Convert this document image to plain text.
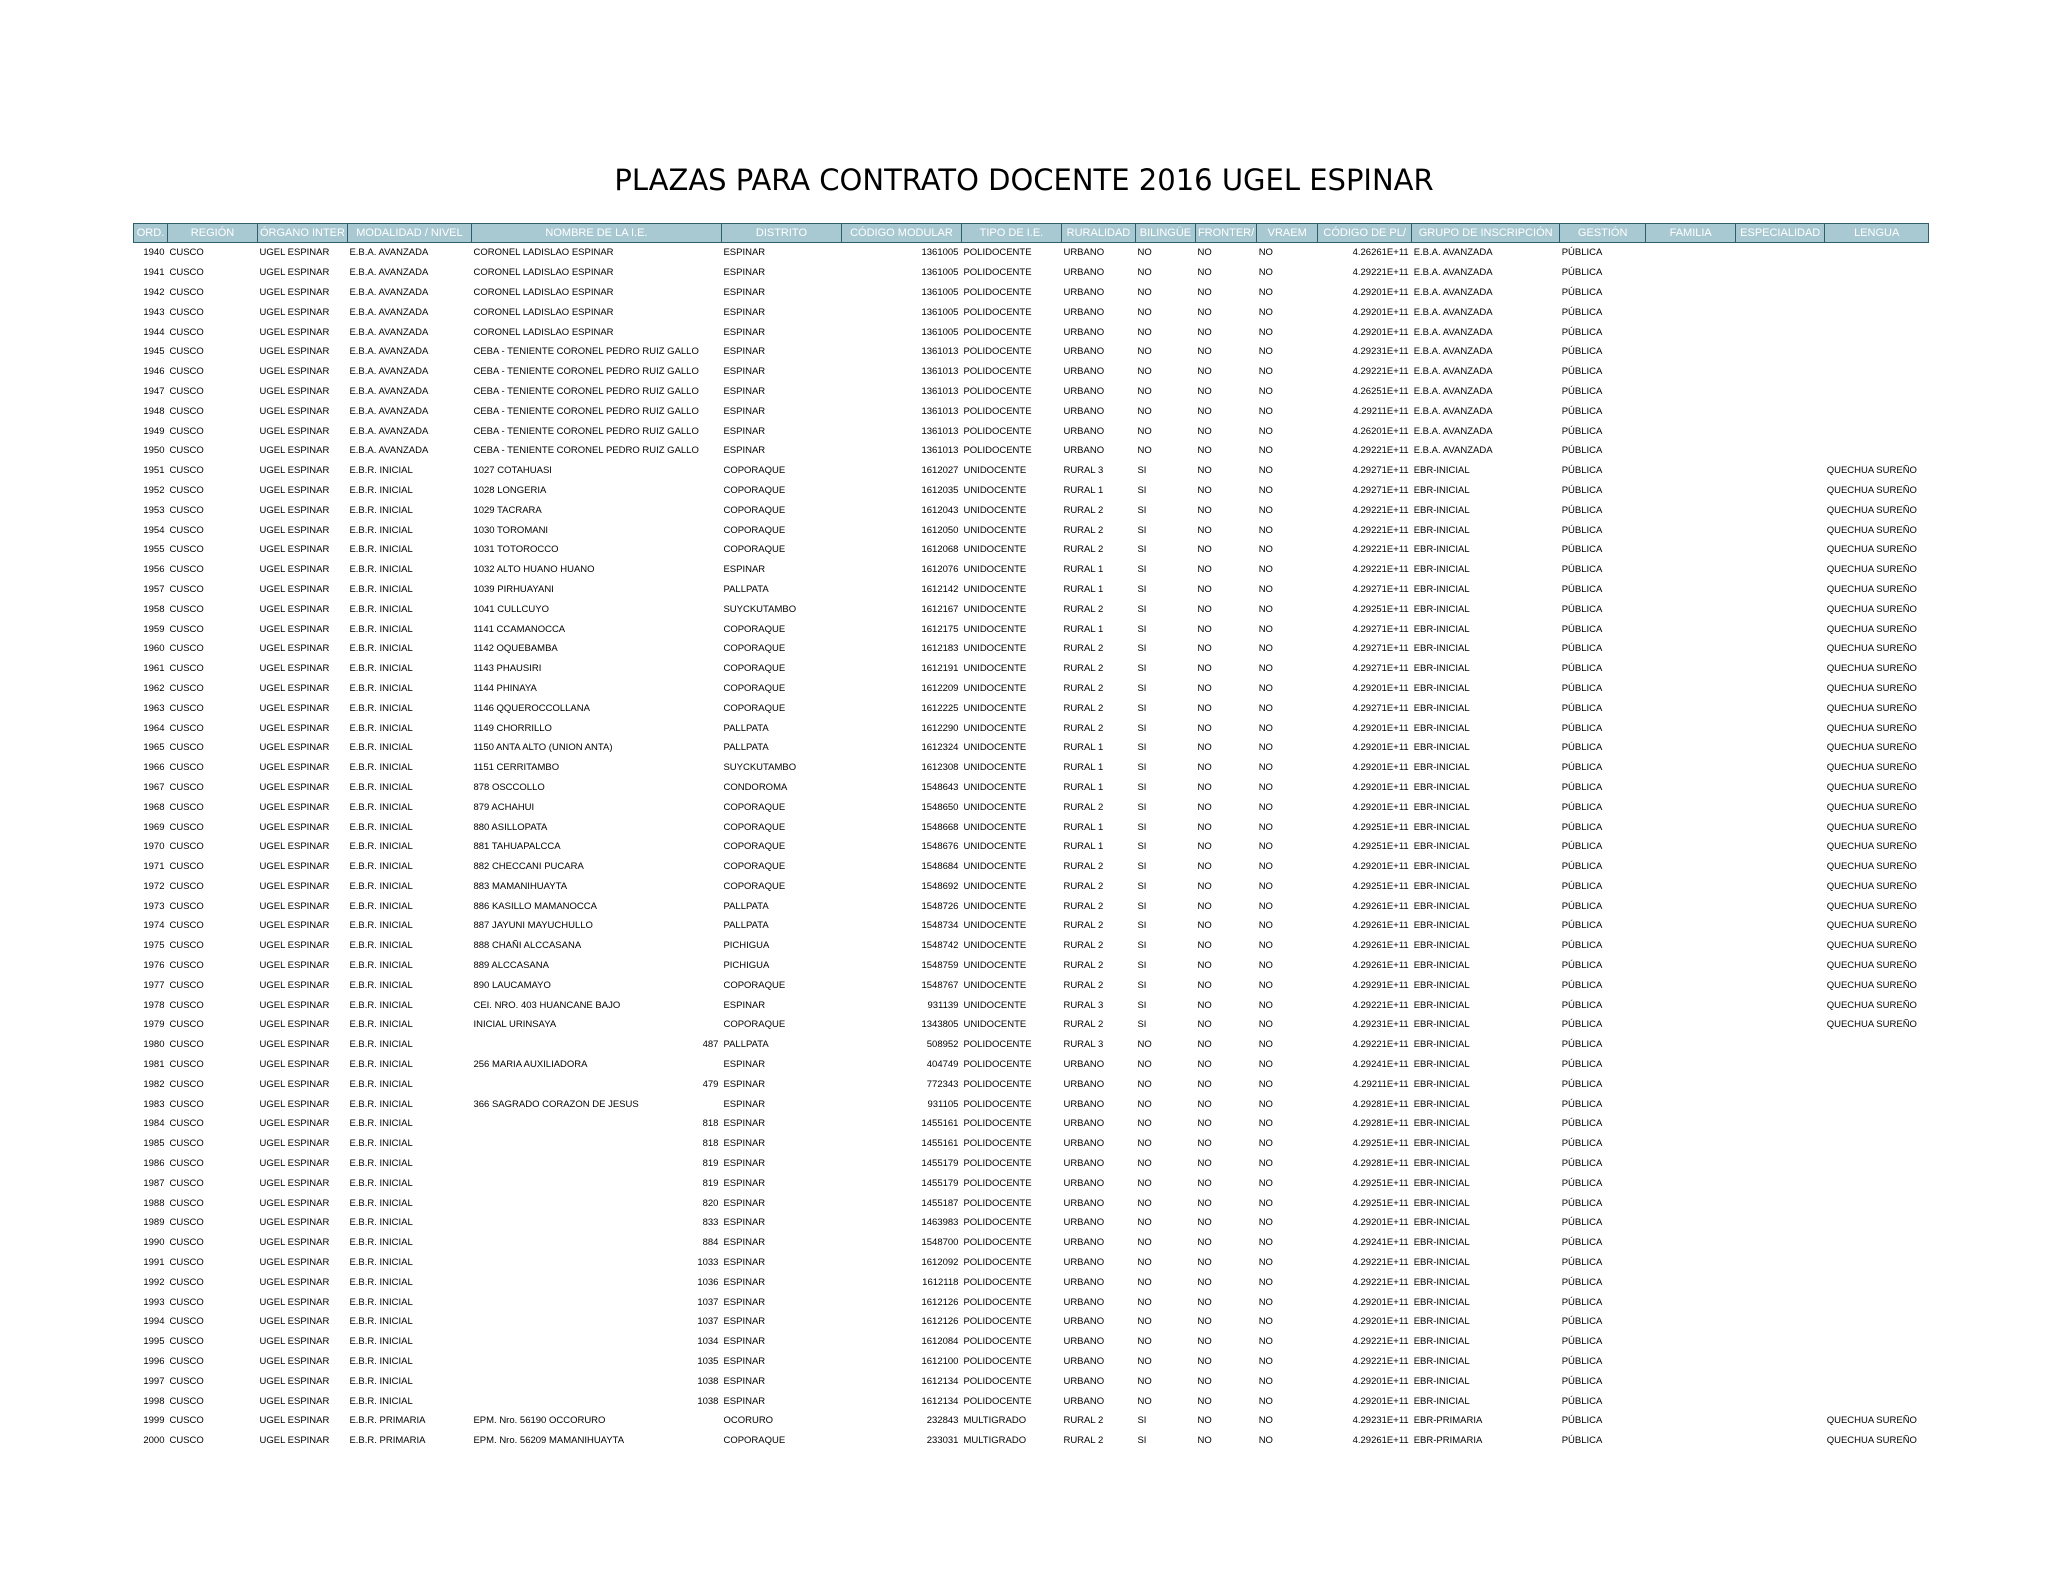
PLAZAS PARA CONTRATO DOCENTE 2016 UGEL ESPINAR
ORD.	REGIÓN	ÓRGANO INTER	MODALIDAD / NIVEL	NOMBRE DE LA I.E.	DISTRITO	CÓDIGO MODULAR	TIPO DE I.E.	RURALIDAD	BILINGÜE	FRONTER/	VRAEM	CÓDIGO DE PL/	GRUPO DE INSCRIPCIÓN	GESTIÓN	FAMILIA	ESPECIALIDAD	LENGUA
1940	CUSCO	UGEL ESPINAR	E.B.A. AVANZADA	CORONEL LADISLAO ESPINAR	ESPINAR	1361005	POLIDOCENTE	URBANO	NO	NO	NO	4.26261E+11	E.B.A. AVANZADA	PÚBLICA			
1941	CUSCO	UGEL ESPINAR	E.B.A. AVANZADA	CORONEL LADISLAO ESPINAR	ESPINAR	1361005	POLIDOCENTE	URBANO	NO	NO	NO	4.29221E+11	E.B.A. AVANZADA	PÚBLICA			
1942	CUSCO	UGEL ESPINAR	E.B.A. AVANZADA	CORONEL LADISLAO ESPINAR	ESPINAR	1361005	POLIDOCENTE	URBANO	NO	NO	NO	4.29201E+11	E.B.A. AVANZADA	PÚBLICA			
1943	CUSCO	UGEL ESPINAR	E.B.A. AVANZADA	CORONEL LADISLAO ESPINAR	ESPINAR	1361005	POLIDOCENTE	URBANO	NO	NO	NO	4.29201E+11	E.B.A. AVANZADA	PÚBLICA			
1944	CUSCO	UGEL ESPINAR	E.B.A. AVANZADA	CORONEL LADISLAO ESPINAR	ESPINAR	1361005	POLIDOCENTE	URBANO	NO	NO	NO	4.29201E+11	E.B.A. AVANZADA	PÚBLICA			
1945	CUSCO	UGEL ESPINAR	E.B.A. AVANZADA	CEBA - TENIENTE CORONEL PEDRO RUIZ GALLO	ESPINAR	1361013	POLIDOCENTE	URBANO	NO	NO	NO	4.29231E+11	E.B.A. AVANZADA	PÚBLICA			
1946	CUSCO	UGEL ESPINAR	E.B.A. AVANZADA	CEBA - TENIENTE CORONEL PEDRO RUIZ GALLO	ESPINAR	1361013	POLIDOCENTE	URBANO	NO	NO	NO	4.29221E+11	E.B.A. AVANZADA	PÚBLICA			
1947	CUSCO	UGEL ESPINAR	E.B.A. AVANZADA	CEBA - TENIENTE CORONEL PEDRO RUIZ GALLO	ESPINAR	1361013	POLIDOCENTE	URBANO	NO	NO	NO	4.26251E+11	E.B.A. AVANZADA	PÚBLICA			
1948	CUSCO	UGEL ESPINAR	E.B.A. AVANZADA	CEBA - TENIENTE CORONEL PEDRO RUIZ GALLO	ESPINAR	1361013	POLIDOCENTE	URBANO	NO	NO	NO	4.29211E+11	E.B.A. AVANZADA	PÚBLICA			
1949	CUSCO	UGEL ESPINAR	E.B.A. AVANZADA	CEBA - TENIENTE CORONEL PEDRO RUIZ GALLO	ESPINAR	1361013	POLIDOCENTE	URBANO	NO	NO	NO	4.26201E+11	E.B.A. AVANZADA	PÚBLICA			
1950	CUSCO	UGEL ESPINAR	E.B.A. AVANZADA	CEBA - TENIENTE CORONEL PEDRO RUIZ GALLO	ESPINAR	1361013	POLIDOCENTE	URBANO	NO	NO	NO	4.29221E+11	E.B.A. AVANZADA	PÚBLICA			
1951	CUSCO	UGEL ESPINAR	E.B.R. INICIAL	1027 COTAHUASI	COPORAQUE	1612027	UNIDOCENTE	RURAL 3	SI	NO	NO	4.29271E+11	EBR-INICIAL	PÚBLICA			QUECHUA SUREÑO
1952	CUSCO	UGEL ESPINAR	E.B.R. INICIAL	1028 LONGERIA	COPORAQUE	1612035	UNIDOCENTE	RURAL 1	SI	NO	NO	4.29271E+11	EBR-INICIAL	PÚBLICA			QUECHUA SUREÑO
1953	CUSCO	UGEL ESPINAR	E.B.R. INICIAL	1029 TACRARA	COPORAQUE	1612043	UNIDOCENTE	RURAL 2	SI	NO	NO	4.29221E+11	EBR-INICIAL	PÚBLICA			QUECHUA SUREÑO
1954	CUSCO	UGEL ESPINAR	E.B.R. INICIAL	1030 TOROMANI	COPORAQUE	1612050	UNIDOCENTE	RURAL 2	SI	NO	NO	4.29221E+11	EBR-INICIAL	PÚBLICA			QUECHUA SUREÑO
1955	CUSCO	UGEL ESPINAR	E.B.R. INICIAL	1031 TOTOROCCO	COPORAQUE	1612068	UNIDOCENTE	RURAL 2	SI	NO	NO	4.29221E+11	EBR-INICIAL	PÚBLICA			QUECHUA SUREÑO
1956	CUSCO	UGEL ESPINAR	E.B.R. INICIAL	1032 ALTO HUANO HUANO	ESPINAR	1612076	UNIDOCENTE	RURAL 1	SI	NO	NO	4.29221E+11	EBR-INICIAL	PÚBLICA			QUECHUA SUREÑO
1957	CUSCO	UGEL ESPINAR	E.B.R. INICIAL	1039 PIRHUAYANI	PALLPATA	1612142	UNIDOCENTE	RURAL 1	SI	NO	NO	4.29271E+11	EBR-INICIAL	PÚBLICA			QUECHUA SUREÑO
1958	CUSCO	UGEL ESPINAR	E.B.R. INICIAL	1041 CULLCUYO	SUYCKUTAMBO	1612167	UNIDOCENTE	RURAL 2	SI	NO	NO	4.29251E+11	EBR-INICIAL	PÚBLICA			QUECHUA SUREÑO
1959	CUSCO	UGEL ESPINAR	E.B.R. INICIAL	1141 CCAMANOCCA	COPORAQUE	1612175	UNIDOCENTE	RURAL 1	SI	NO	NO	4.29271E+11	EBR-INICIAL	PÚBLICA			QUECHUA SUREÑO
1960	CUSCO	UGEL ESPINAR	E.B.R. INICIAL	1142 OQUEBAMBA	COPORAQUE	1612183	UNIDOCENTE	RURAL 2	SI	NO	NO	4.29271E+11	EBR-INICIAL	PÚBLICA			QUECHUA SUREÑO
1961	CUSCO	UGEL ESPINAR	E.B.R. INICIAL	1143 PHAUSIRI	COPORAQUE	1612191	UNIDOCENTE	RURAL 2	SI	NO	NO	4.29271E+11	EBR-INICIAL	PÚBLICA			QUECHUA SUREÑO
1962	CUSCO	UGEL ESPINAR	E.B.R. INICIAL	1144 PHINAYA	COPORAQUE	1612209	UNIDOCENTE	RURAL 2	SI	NO	NO	4.29201E+11	EBR-INICIAL	PÚBLICA			QUECHUA SUREÑO
1963	CUSCO	UGEL ESPINAR	E.B.R. INICIAL	1146 QQUEROCCOLLANA	COPORAQUE	1612225	UNIDOCENTE	RURAL 2	SI	NO	NO	4.29271E+11	EBR-INICIAL	PÚBLICA			QUECHUA SUREÑO
1964	CUSCO	UGEL ESPINAR	E.B.R. INICIAL	1149 CHORRILLO	PALLPATA	1612290	UNIDOCENTE	RURAL 2	SI	NO	NO	4.29201E+11	EBR-INICIAL	PÚBLICA			QUECHUA SUREÑO
1965	CUSCO	UGEL ESPINAR	E.B.R. INICIAL	1150 ANTA ALTO (UNION ANTA)	PALLPATA	1612324	UNIDOCENTE	RURAL 1	SI	NO	NO	4.29201E+11	EBR-INICIAL	PÚBLICA			QUECHUA SUREÑO
1966	CUSCO	UGEL ESPINAR	E.B.R. INICIAL	1151 CERRITAMBO	SUYCKUTAMBO	1612308	UNIDOCENTE	RURAL 1	SI	NO	NO	4.29201E+11	EBR-INICIAL	PÚBLICA			QUECHUA SUREÑO
1967	CUSCO	UGEL ESPINAR	E.B.R. INICIAL	878 OSCCOLLO	CONDOROMA	1548643	UNIDOCENTE	RURAL 1	SI	NO	NO	4.29201E+11	EBR-INICIAL	PÚBLICA			QUECHUA SUREÑO
1968	CUSCO	UGEL ESPINAR	E.B.R. INICIAL	879 ACHAHUI	COPORAQUE	1548650	UNIDOCENTE	RURAL 2	SI	NO	NO	4.29201E+11	EBR-INICIAL	PÚBLICA			QUECHUA SUREÑO
1969	CUSCO	UGEL ESPINAR	E.B.R. INICIAL	880 ASILLOPATA	COPORAQUE	1548668	UNIDOCENTE	RURAL 1	SI	NO	NO	4.29251E+11	EBR-INICIAL	PÚBLICA			QUECHUA SUREÑO
1970	CUSCO	UGEL ESPINAR	E.B.R. INICIAL	881 TAHUAPALCCA	COPORAQUE	1548676	UNIDOCENTE	RURAL 1	SI	NO	NO	4.29251E+11	EBR-INICIAL	PÚBLICA			QUECHUA SUREÑO
1971	CUSCO	UGEL ESPINAR	E.B.R. INICIAL	882 CHECCANI PUCARA	COPORAQUE	1548684	UNIDOCENTE	RURAL 2	SI	NO	NO	4.29201E+11	EBR-INICIAL	PÚBLICA			QUECHUA SUREÑO
1972	CUSCO	UGEL ESPINAR	E.B.R. INICIAL	883 MAMANIHUAYTA	COPORAQUE	1548692	UNIDOCENTE	RURAL 2	SI	NO	NO	4.29251E+11	EBR-INICIAL	PÚBLICA			QUECHUA SUREÑO
1973	CUSCO	UGEL ESPINAR	E.B.R. INICIAL	886 KASILLO MAMANOCCA	PALLPATA	1548726	UNIDOCENTE	RURAL 2	SI	NO	NO	4.29261E+11	EBR-INICIAL	PÚBLICA			QUECHUA SUREÑO
1974	CUSCO	UGEL ESPINAR	E.B.R. INICIAL	887 JAYUNI MAYUCHULLO	PALLPATA	1548734	UNIDOCENTE	RURAL 2	SI	NO	NO	4.29261E+11	EBR-INICIAL	PÚBLICA			QUECHUA SUREÑO
1975	CUSCO	UGEL ESPINAR	E.B.R. INICIAL	888 CHAÑI ALCCASANA	PICHIGUA	1548742	UNIDOCENTE	RURAL 2	SI	NO	NO	4.29261E+11	EBR-INICIAL	PÚBLICA			QUECHUA SUREÑO
1976	CUSCO	UGEL ESPINAR	E.B.R. INICIAL	889 ALCCASANA	PICHIGUA	1548759	UNIDOCENTE	RURAL 2	SI	NO	NO	4.29261E+11	EBR-INICIAL	PÚBLICA			QUECHUA SUREÑO
1977	CUSCO	UGEL ESPINAR	E.B.R. INICIAL	890 LAUCAMAYO	COPORAQUE	1548767	UNIDOCENTE	RURAL 2	SI	NO	NO	4.29291E+11	EBR-INICIAL	PÚBLICA			QUECHUA SUREÑO
1978	CUSCO	UGEL ESPINAR	E.B.R. INICIAL	CEI. NRO. 403 HUANCANE BAJO	ESPINAR	931139	UNIDOCENTE	RURAL 3	SI	NO	NO	4.29221E+11	EBR-INICIAL	PÚBLICA			QUECHUA SUREÑO
1979	CUSCO	UGEL ESPINAR	E.B.R. INICIAL	INICIAL URINSAYA	COPORAQUE	1343805	UNIDOCENTE	RURAL 2	SI	NO	NO	4.29231E+11	EBR-INICIAL	PÚBLICA			QUECHUA SUREÑO
1980	CUSCO	UGEL ESPINAR	E.B.R. INICIAL	487	PALLPATA	508952	POLIDOCENTE	RURAL 3	NO	NO	NO	4.29221E+11	EBR-INICIAL	PÚBLICA			
1981	CUSCO	UGEL ESPINAR	E.B.R. INICIAL	256 MARIA AUXILIADORA	ESPINAR	404749	POLIDOCENTE	URBANO	NO	NO	NO	4.29241E+11	EBR-INICIAL	PÚBLICA			
1982	CUSCO	UGEL ESPINAR	E.B.R. INICIAL	479	ESPINAR	772343	POLIDOCENTE	URBANO	NO	NO	NO	4.29211E+11	EBR-INICIAL	PÚBLICA			
1983	CUSCO	UGEL ESPINAR	E.B.R. INICIAL	366 SAGRADO CORAZON DE JESUS	ESPINAR	931105	POLIDOCENTE	URBANO	NO	NO	NO	4.29281E+11	EBR-INICIAL	PÚBLICA			
1984	CUSCO	UGEL ESPINAR	E.B.R. INICIAL	818	ESPINAR	1455161	POLIDOCENTE	URBANO	NO	NO	NO	4.29281E+11	EBR-INICIAL	PÚBLICA			
1985	CUSCO	UGEL ESPINAR	E.B.R. INICIAL	818	ESPINAR	1455161	POLIDOCENTE	URBANO	NO	NO	NO	4.29251E+11	EBR-INICIAL	PÚBLICA			
1986	CUSCO	UGEL ESPINAR	E.B.R. INICIAL	819	ESPINAR	1455179	POLIDOCENTE	URBANO	NO	NO	NO	4.29281E+11	EBR-INICIAL	PÚBLICA			
1987	CUSCO	UGEL ESPINAR	E.B.R. INICIAL	819	ESPINAR	1455179	POLIDOCENTE	URBANO	NO	NO	NO	4.29251E+11	EBR-INICIAL	PÚBLICA			
1988	CUSCO	UGEL ESPINAR	E.B.R. INICIAL	820	ESPINAR	1455187	POLIDOCENTE	URBANO	NO	NO	NO	4.29251E+11	EBR-INICIAL	PÚBLICA			
1989	CUSCO	UGEL ESPINAR	E.B.R. INICIAL	833	ESPINAR	1463983	POLIDOCENTE	URBANO	NO	NO	NO	4.29201E+11	EBR-INICIAL	PÚBLICA			
1990	CUSCO	UGEL ESPINAR	E.B.R. INICIAL	884	ESPINAR	1548700	POLIDOCENTE	URBANO	NO	NO	NO	4.29241E+11	EBR-INICIAL	PÚBLICA			
1991	CUSCO	UGEL ESPINAR	E.B.R. INICIAL	1033	ESPINAR	1612092	POLIDOCENTE	URBANO	NO	NO	NO	4.29221E+11	EBR-INICIAL	PÚBLICA			
1992	CUSCO	UGEL ESPINAR	E.B.R. INICIAL	1036	ESPINAR	1612118	POLIDOCENTE	URBANO	NO	NO	NO	4.29221E+11	EBR-INICIAL	PÚBLICA			
1993	CUSCO	UGEL ESPINAR	E.B.R. INICIAL	1037	ESPINAR	1612126	POLIDOCENTE	URBANO	NO	NO	NO	4.29201E+11	EBR-INICIAL	PÚBLICA			
1994	CUSCO	UGEL ESPINAR	E.B.R. INICIAL	1037	ESPINAR	1612126	POLIDOCENTE	URBANO	NO	NO	NO	4.29201E+11	EBR-INICIAL	PÚBLICA			
1995	CUSCO	UGEL ESPINAR	E.B.R. INICIAL	1034	ESPINAR	1612084	POLIDOCENTE	URBANO	NO	NO	NO	4.29221E+11	EBR-INICIAL	PÚBLICA			
1996	CUSCO	UGEL ESPINAR	E.B.R. INICIAL	1035	ESPINAR	1612100	POLIDOCENTE	URBANO	NO	NO	NO	4.29221E+11	EBR-INICIAL	PÚBLICA			
1997	CUSCO	UGEL ESPINAR	E.B.R. INICIAL	1038	ESPINAR	1612134	POLIDOCENTE	URBANO	NO	NO	NO	4.29201E+11	EBR-INICIAL	PÚBLICA			
1998	CUSCO	UGEL ESPINAR	E.B.R. INICIAL	1038	ESPINAR	1612134	POLIDOCENTE	URBANO	NO	NO	NO	4.29201E+11	EBR-INICIAL	PÚBLICA			
1999	CUSCO	UGEL ESPINAR	E.B.R. PRIMARIA	EPM. Nro. 56190 OCCORURO	OCORURO	232843	MULTIGRADO	RURAL 2	SI	NO	NO	4.29231E+11	EBR-PRIMARIA	PÚBLICA			QUECHUA SUREÑO
2000	CUSCO	UGEL ESPINAR	E.B.R. PRIMARIA	EPM. Nro. 56209 MAMANIHUAYTA	COPORAQUE	233031	MULTIGRADO	RURAL 2	SI	NO	NO	4.29261E+11	EBR-PRIMARIA	PÚBLICA			QUECHUA SUREÑO
